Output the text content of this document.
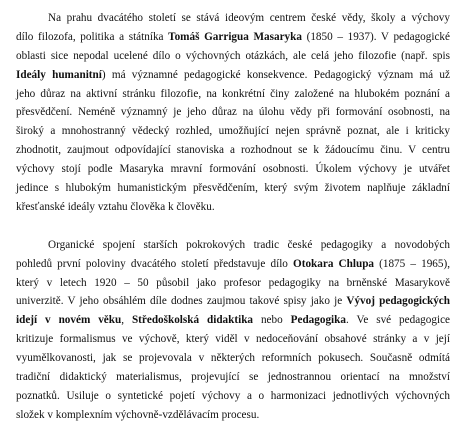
Na prahu dvacátého století se stává ideovým centrem české vědy, školy a výchovy
dílo filozofa, politika a státníka Tomáš Garrigua Masaryka (1850 – 1937). V pedagogické
oblasti sice nepodal ucelené dílo o výchovných otázkách, ale celá jeho filozofie (např. spis
Ideály humanitní) má významné pedagogické konsekvence. Pedagogický význam má už
jeho důraz na aktivní stránku filozofie, na konkrétní činy založené na hlubokém poznání a
přesvědčení. Neméně významný je jeho důraz na úlohu vědy při formování osobnosti, na
široký a mnohostranný vědecký rozhled, umožňující nejen správně poznat, ale i kriticky
zhodnotit, zaujmout odpovídající stanoviska a rozhodnout se k žádoucímu činu. V centru
výchovy stojí podle Masaryka mravní formování osobnosti. Úkolem výchovy je utvářet
jedince s hlubokým humanistickým přesvědčením, který svým životem naplňuje základní
křesťanské ideály vztahu člověka k člověku.
Organické spojení starších pokrokových tradic české pedagogiky a novodobých
pohledů první poloviny dvacátého století představuje dílo Otokara Chlupa (1875 – 1965),
který v letech 1920 – 50 působil jako profesor pedagogiky na brněnské Masarykově
univerzitě. V jeho obsáhlém díle dodnes zaujmou takové spisy jako je Vývoj pedagogických
idejí v novém věku, Středoškolská didaktika nebo Pedagogika. Ve své pedagogice
kritizuje formalismus ve výchově, který viděl v nedoceňování obsahové stránky a v její
vyumělkovanosti, jak se projevovala v některých reformních pokusech. Současně odmítá
tradiční didaktický materialismus, projevující se jednostrannou orientací na množství
poznatků. Usiluje o syntetické pojetí výchovy a o harmonizaci jednotlivých výchovných
složek v komplexním výchovně-vzdělávacím procesu.
